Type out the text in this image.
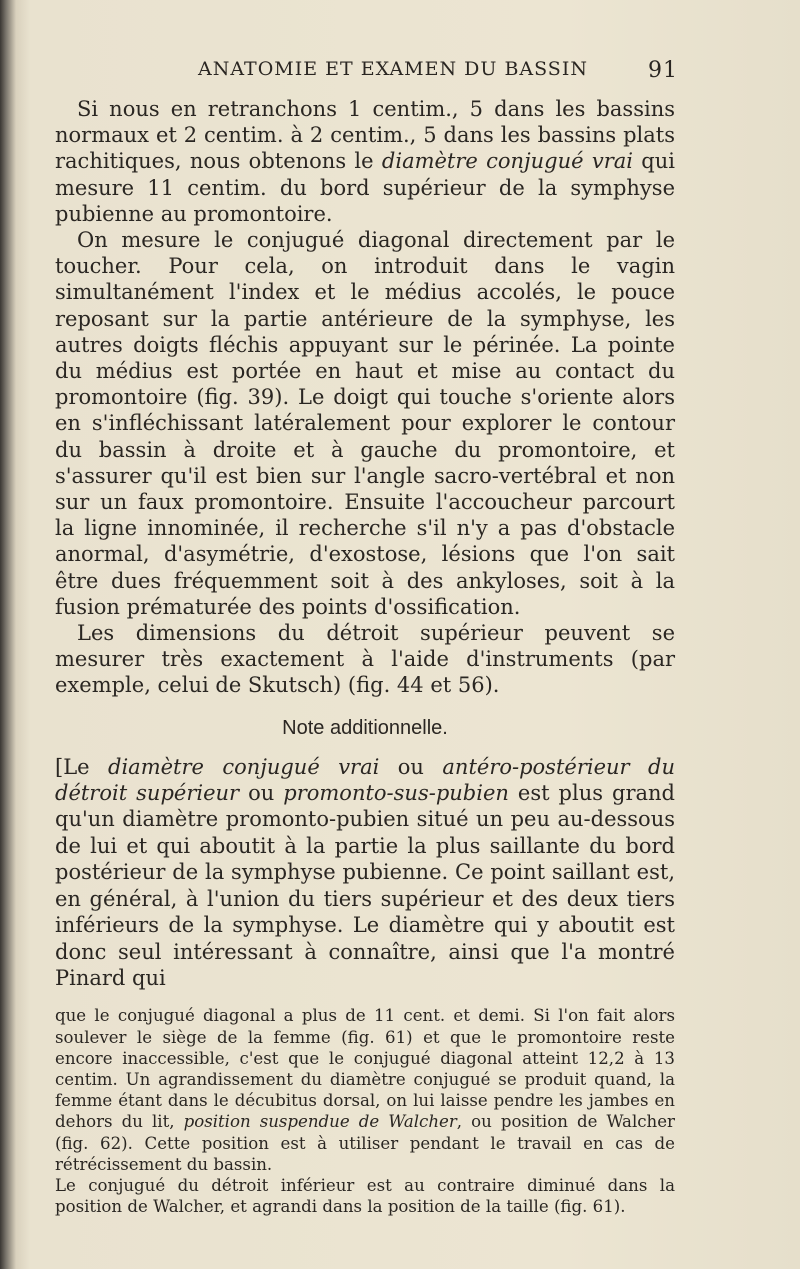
ANATOMIE ET EXAMEN DU BASSIN	91

Si nous en retranchons 1 centim., 5 dans les bassins normaux et 2 centim. à 2 centim., 5 dans les bassins plats rachitiques, nous obtenons le diamètre conjugué vrai qui mesure 11 centim. du bord supérieur de la symphyse pubienne au promontoire.

On mesure le conjugué diagonal directement par le toucher. Pour cela, on introduit dans le vagin simultanément l'index et le médius accolés, le pouce reposant sur la partie antérieure de la symphyse, les autres doigts fléchis appuyant sur le périnée. La pointe du médius est portée en haut et mise au contact du promontoire (fig. 39). Le doigt qui touche s'oriente alors en s'infléchissant latéralement pour explorer le contour du bassin à droite et à gauche du promontoire, et s'assurer qu'il est bien sur l'angle sacro-vertébral et non sur un faux promontoire. Ensuite l'accoucheur parcourt la ligne innominée, il recherche s'il n'y a pas d'obstacle anormal, d'asymétrie, d'exostose, lésions que l'on sait être dues fréquemment soit à des ankyloses, soit à la fusion prématurée des points d'ossification.

Les dimensions du détroit supérieur peuvent se mesurer très exactement à l'aide d'instruments (par exemple, celui de Skutsch) (fig. 44 et 56).

Note additionnelle.

[Le diamètre conjugué vrai ou antéro-postérieur du détroit supérieur ou promonto-sus-pubien est plus grand qu'un diamètre promonto-pubien situé un peu au-dessous de lui et qui aboutit à la partie la plus saillante du bord postérieur de la symphyse pubienne. Ce point saillant est, en général, à l'union du tiers supérieur et des deux tiers inférieurs de la symphyse. Le diamètre qui y aboutit est donc seul intéressant à connaître, ainsi que l'a montré Pinard qui

que le conjugué diagonal a plus de 11 cent. et demi. Si l'on fait alors soulever le siège de la femme (fig. 61) et que le promontoire reste encore inaccessible, c'est que le conjugué diagonal atteint 12,2 à 13 centim. Un agrandissement du diamètre conjugué se produit quand, la femme étant dans le décubitus dorsal, on lui laisse pendre les jambes en dehors du lit, position suspendue de Walcher, ou position de Walcher (fig. 62). Cette position est à utiliser pendant le travail en cas de rétrécissement du bassin.

Le conjugué du détroit inférieur est au contraire diminué dans la position de Walcher, et agrandi dans la position de la taille (fig. 61).
